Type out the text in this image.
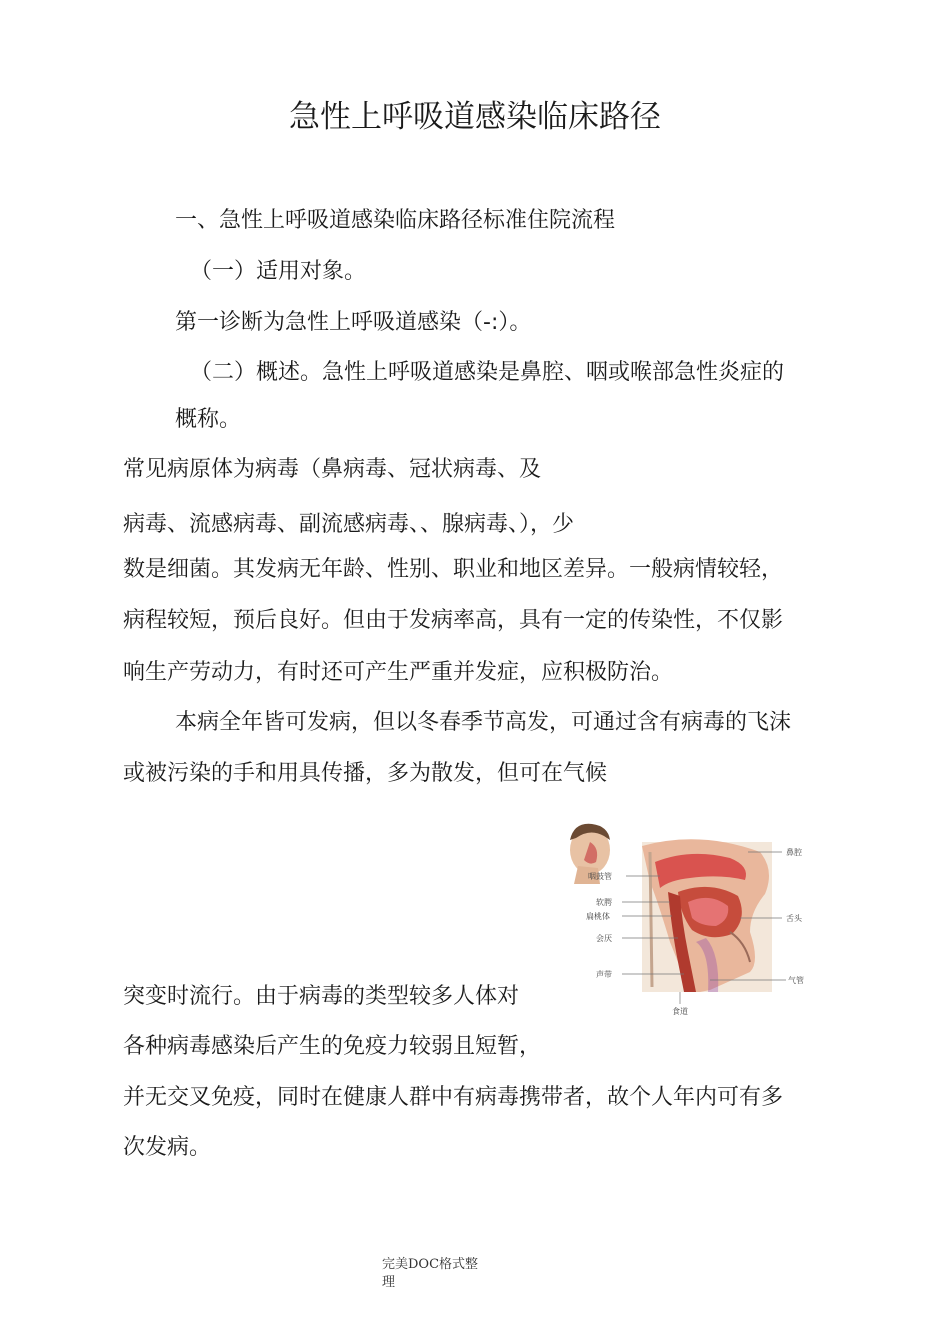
急性上呼吸道感染临床路径

一、急性上呼吸道感染临床路径标准住院流程

（一）适用对象。

第一诊断为急性上呼吸道感染（-:）。

（二）概述。急性上呼吸道感染是鼻腔、咽或喉部急性炎症的

概称。

常见病原体为病毒（鼻病毒、冠状病毒、及

病毒、流感病毒、副流感病毒、、腺病毒、），少

数是细菌。其发病无年龄、性别、职业和地区差异。一般病情较轻，

病程较短，预后良好。但由于发病率高，具有一定的传染性，不仅影

响生产劳动力，有时还可产生严重并发症，应积极防治。

本病全年皆可发病，但以冬春季节高发，可通过含有病毒的飞沫

或被污染的手和用具传播，多为散发，但可在气候

突变时流行。由于病毒的类型较多人体对

各种病毒感染后产生的免疫力较弱且短暂，

并无交叉免疫，同时在健康人群中有病毒携带者，故个人年内可有多

次发病。

咽鼓管
软腭
扁桃体
会厌
声带
鼻腔
舌头
气管
食道
完美DOC格式整
理
